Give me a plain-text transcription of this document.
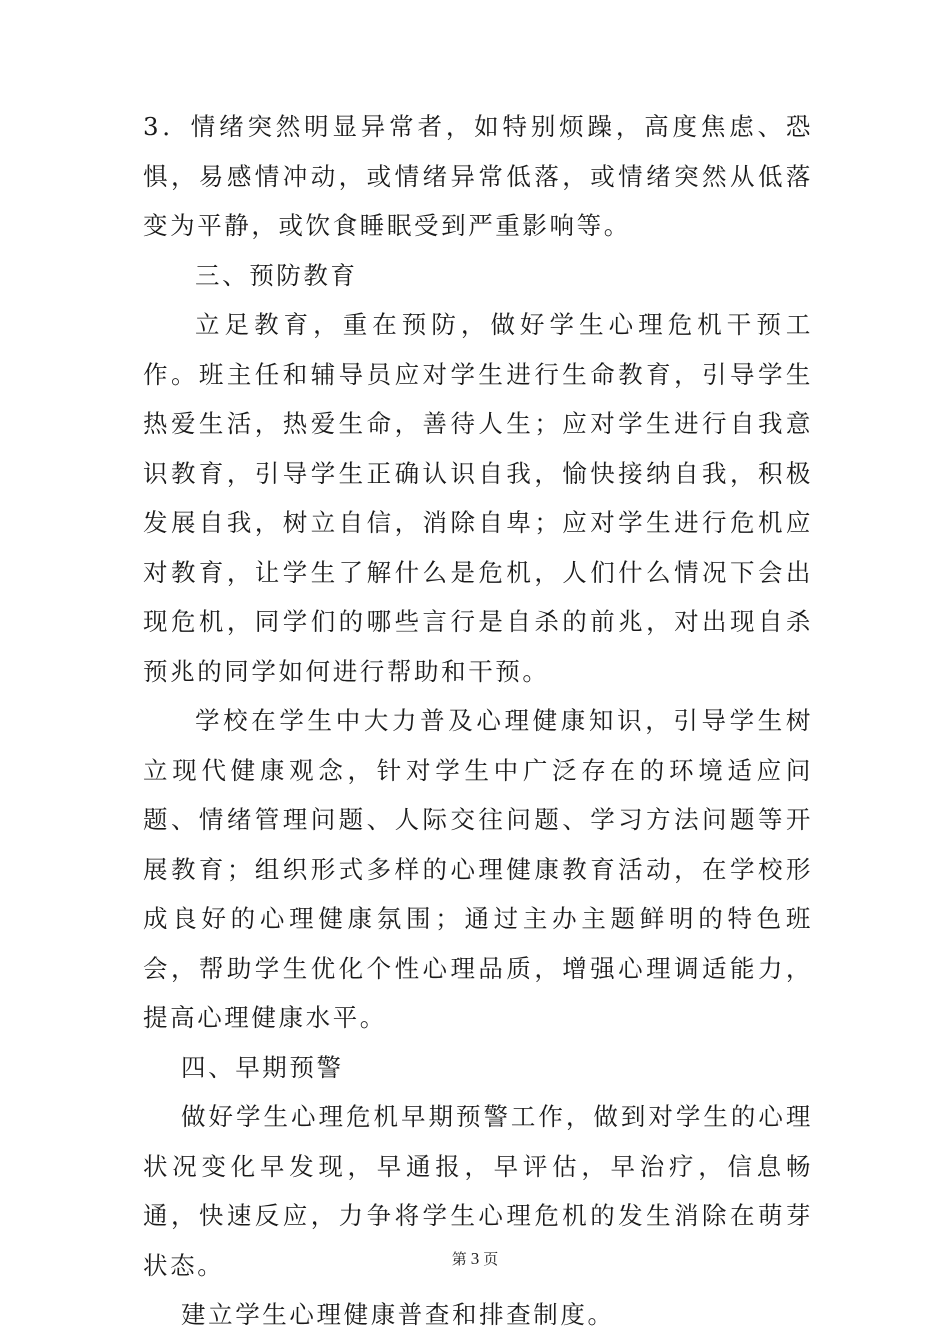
3．情绪突然明显异常者，如特别烦躁，高度焦虑、恐惧，易感情冲动，或情绪异常低落，或情绪突然从低落变为平静，或饮食睡眠受到严重影响等。

三、预防教育

立足教育，重在预防，做好学生心理危机干预工作。班主任和辅导员应对学生进行生命教育，引导学生热爱生活，热爱生命，善待人生；应对学生进行自我意识教育，引导学生正确认识自我，愉快接纳自我，积极发展自我，树立自信，消除自卑；应对学生进行危机应对教育，让学生了解什么是危机，人们什么情况下会出现危机，同学们的哪些言行是自杀的前兆，对出现自杀预兆的同学如何进行帮助和干预。

学校在学生中大力普及心理健康知识，引导学生树立现代健康观念，针对学生中广泛存在的环境适应问题、情绪管理问题、人际交往问题、学习方法问题等开展教育；组织形式多样的心理健康教育活动，在学校形成良好的心理健康氛围；通过主办主题鲜明的特色班会，帮助学生优化个性心理品质，增强心理调适能力，提高心理健康水平。

四、早期预警

做好学生心理危机早期预警工作，做到对学生的心理状况变化早发现，早通报，早评估，早治疗，信息畅通，快速反应，力争将学生心理危机的发生消除在萌芽状态。

建立学生心理健康普查和排查制度。

第 3 页
